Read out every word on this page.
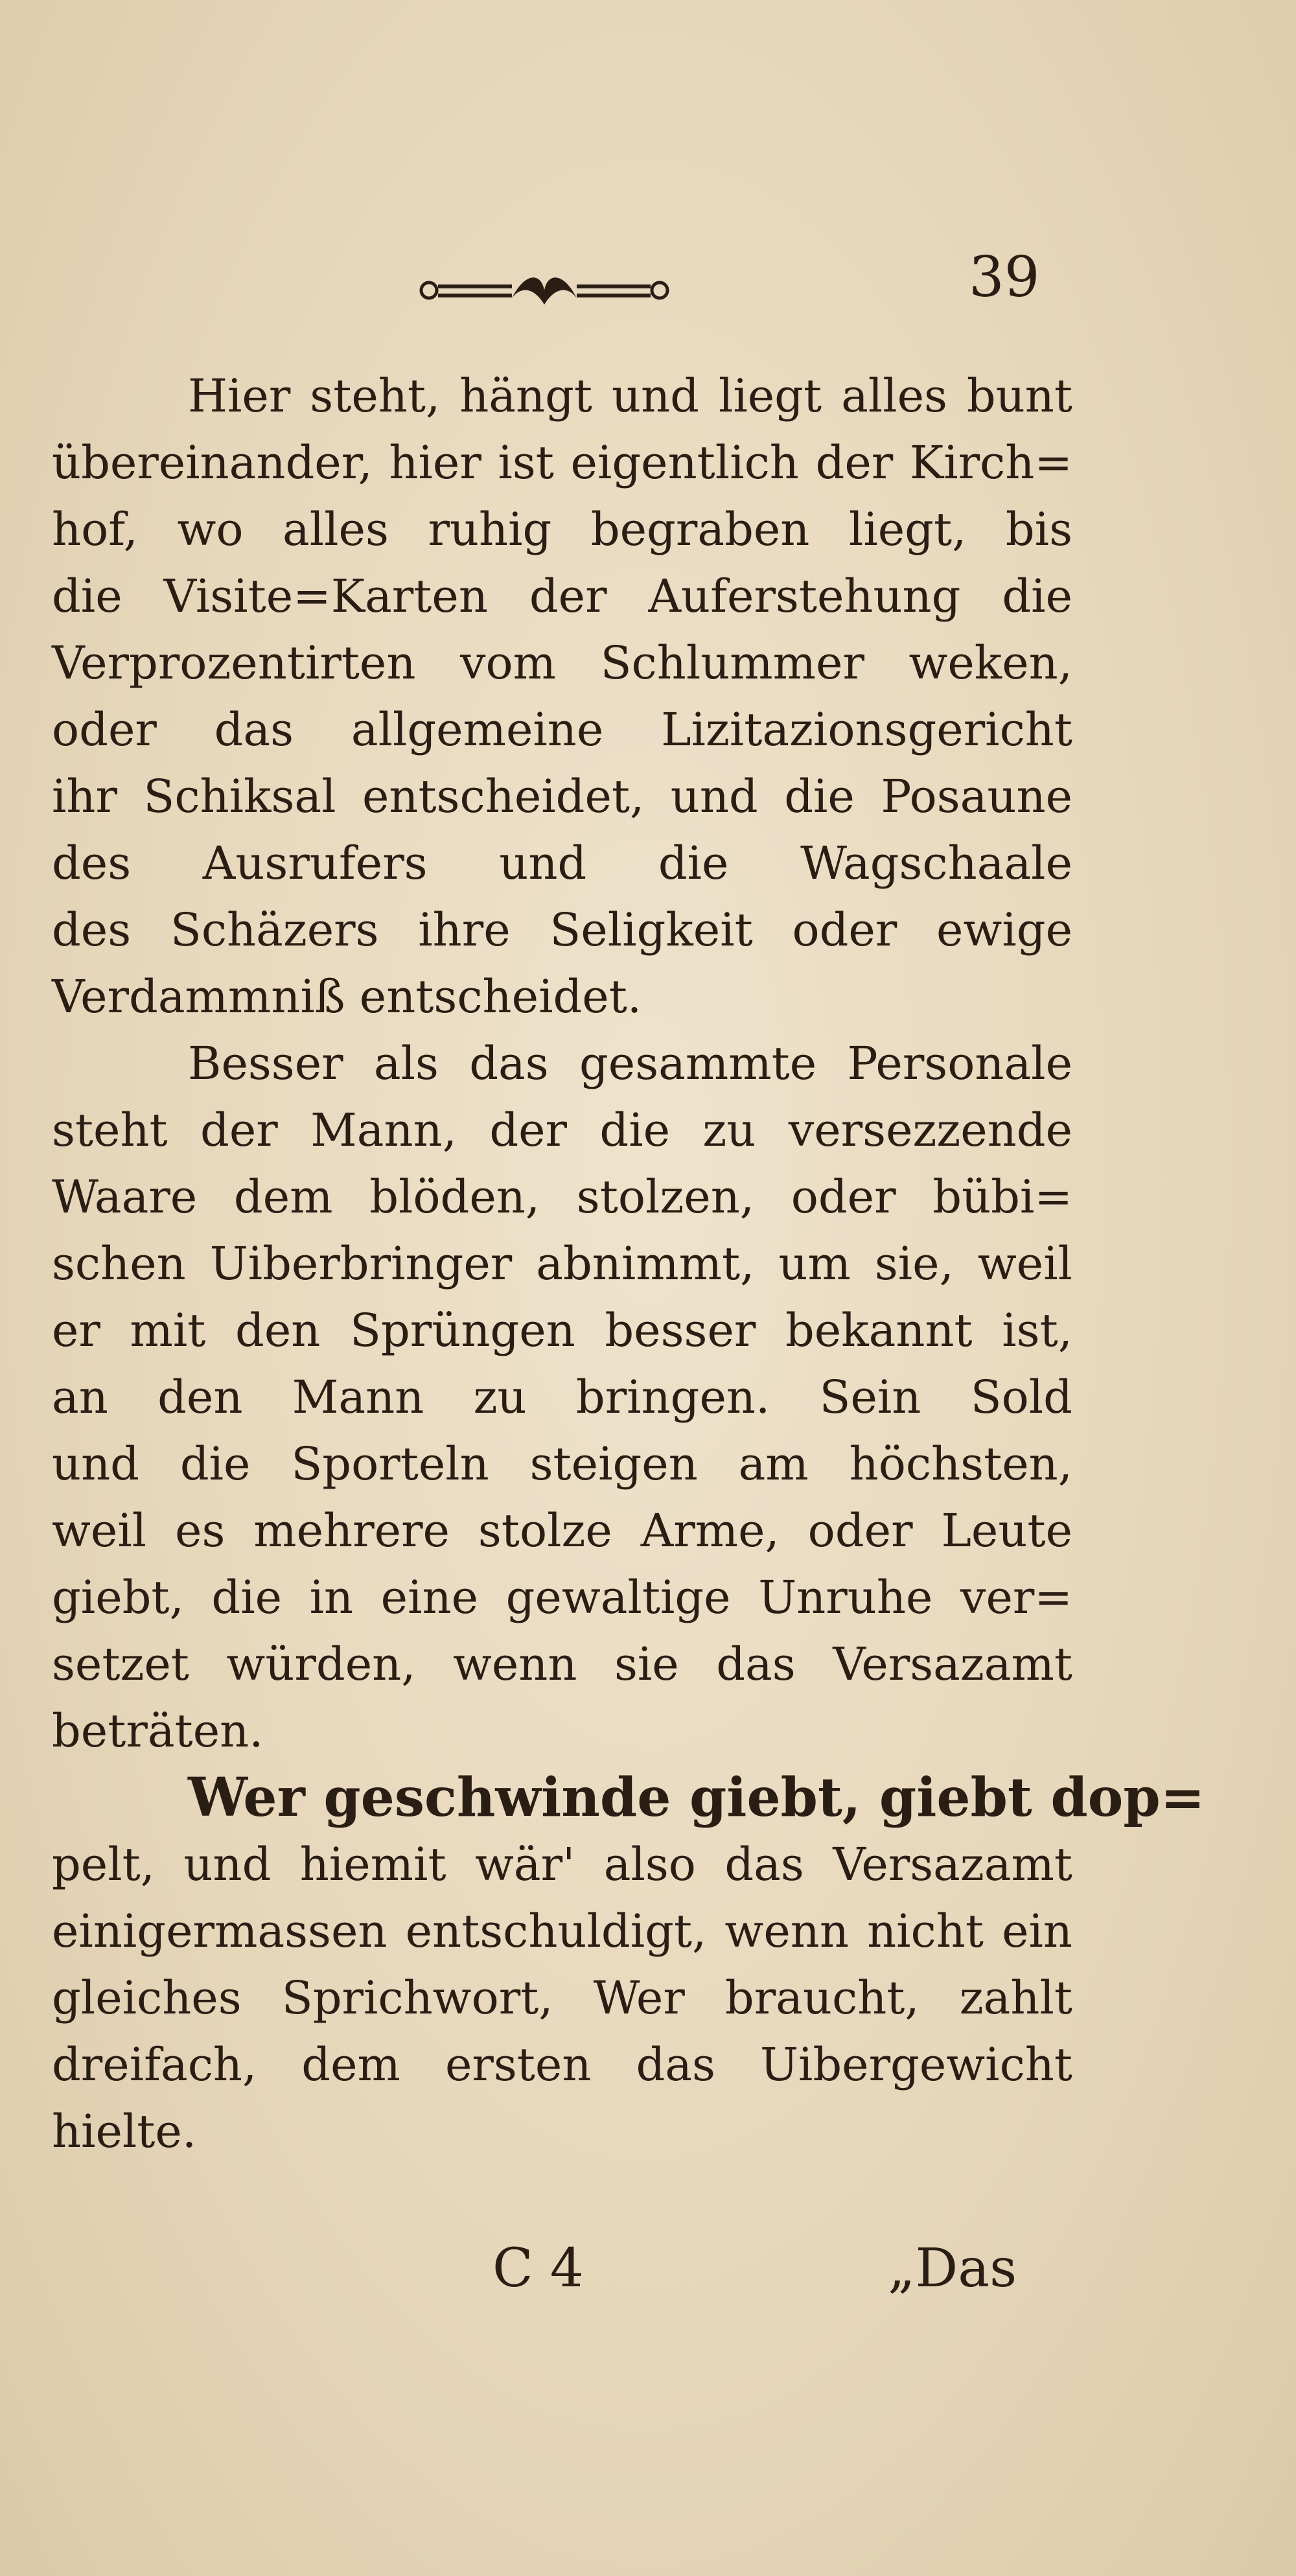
39
Hier steht, hängt und liegt alles bunt
übereinander, hier ist eigentlich der Kirch=
hof, wo alles ruhig begraben liegt, bis
die Visite=Karten der Auferstehung die
Verprozentirten vom Schlummer weken,
oder das allgemeine Lizitazionsgericht
ihr Schiksal entscheidet, und die Posaune
des Ausrufers und die Wagschaale
des Schäzers ihre Seligkeit oder ewige
Verdammniß entscheidet.
Besser als das gesammte Personale
steht der Mann, der die zu versezzende
Waare dem blöden, stolzen, oder bübi=
schen Uiberbringer abnimmt, um sie, weil
er mit den Sprüngen besser bekannt ist,
an den Mann zu bringen. Sein Sold
und die Sporteln steigen am höchsten,
weil es mehrere stolze Arme, oder Leute
giebt, die in eine gewaltige Unruhe ver=
setzet würden, wenn sie das Versazamt
beträten.
Wer geschwinde giebt, giebt dop=
pelt, und hiemit wär' also das Versazamt
einigermassen entschuldigt, wenn nicht ein
gleiches Sprichwort, Wer braucht, zahlt
dreifach, dem ersten das Uibergewicht
hielte.
C 4	„Das
